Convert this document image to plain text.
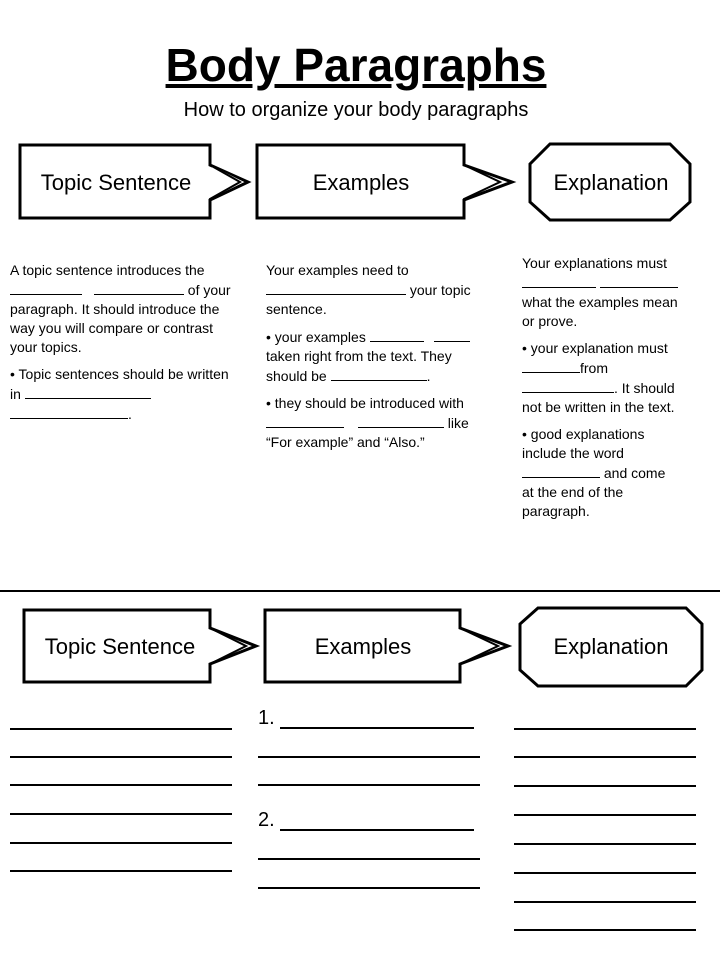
Body Paragraphs
How to organize your body paragraphs
Topic Sentence	Examples	Explanation

A topic sentence introduces the   of your paragraph. It should introduce the way you will compare or contrast your topics.

• Topic sentences should be written in  .

Your examples need to  your topic sentence.

• your examples   taken right from the text. They should be	.

• they should be introduced with   like “For example” and “Also.”

Your explanations must   what the examples mean or prove.

• your explanation must from . It should not be written in the text.

• good explanations include the word  and come at the end of the paragraph.

Topic Sentence	Examples	Explanation
1.
2.
